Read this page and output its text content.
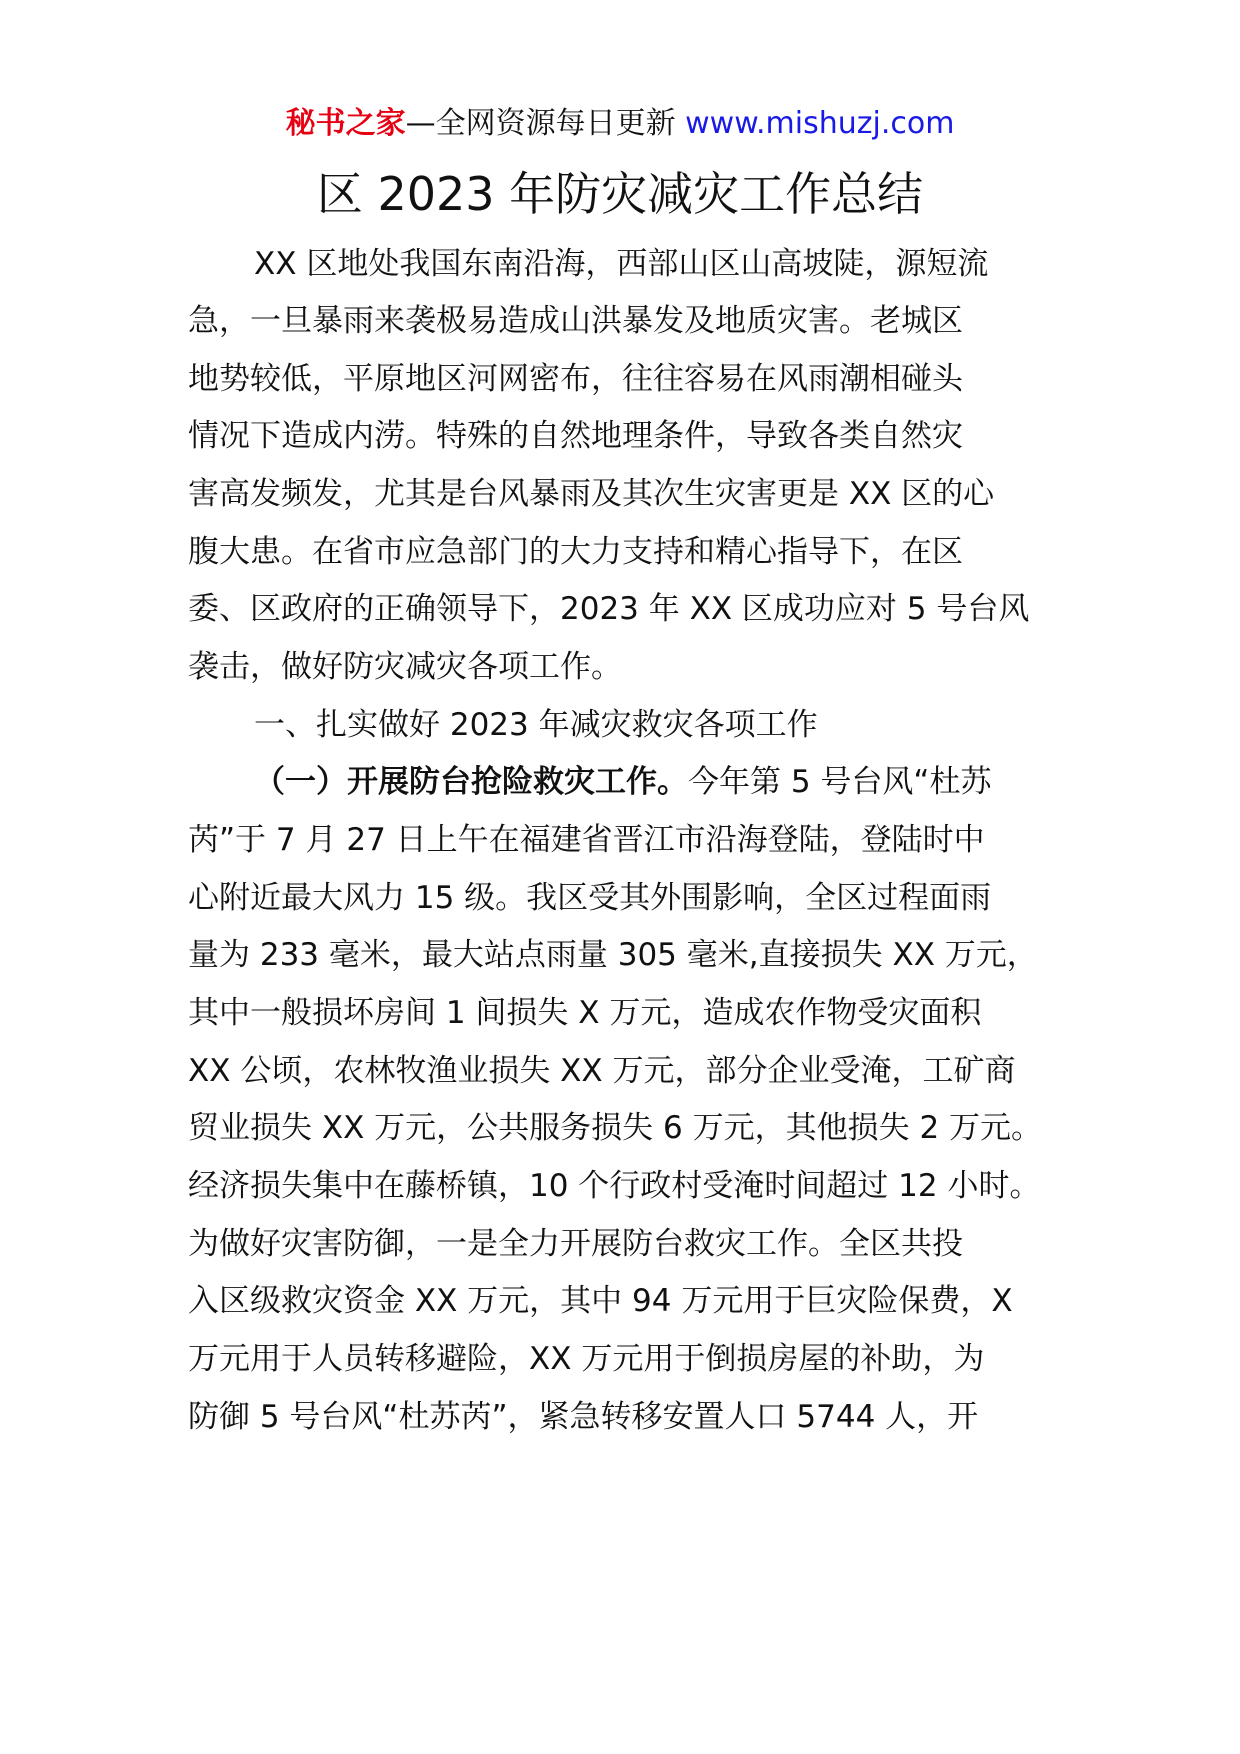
秘书之家—全网资源每日更新 www.mishuzj.com
区 2023 年防灾减灾工作总结
XX 区地处我国东南沿海，西部山区山高坡陡，源短流
急，一旦暴雨来袭极易造成山洪暴发及地质灾害。老城区
地势较低，平原地区河网密布，往往容易在风雨潮相碰头
情况下造成内涝。特殊的自然地理条件，导致各类自然灾
害高发频发，尤其是台风暴雨及其次生灾害更是 XX 区的心
腹大患。在省市应急部门的大力支持和精心指导下，在区
委、区政府的正确领导下，2023 年 XX 区成功应对 5 号台风
袭击，做好防灾减灾各项工作。
一、扎实做好 2023 年减灾救灾各项工作
（一）开展防台抢险救灾工作。今年第 5 号台风“杜苏
芮”于 7 月 27 日上午在福建省晋江市沿海登陆，登陆时中
心附近最大风力 15 级。我区受其外围影响，全区过程面雨
量为 233 毫米，最大站点雨量 305 毫米,直接损失 XX 万元，
其中一般损坏房间 1 间损失 X 万元，造成农作物受灾面积
XX 公顷，农林牧渔业损失 XX 万元，部分企业受淹，工矿商
贸业损失 XX 万元，公共服务损失 6 万元，其他损失 2 万元。
经济损失集中在藤桥镇，10 个行政村受淹时间超过 12 小时。
为做好灾害防御，一是全力开展防台救灾工作。全区共投
入区级救灾资金 XX 万元，其中 94 万元用于巨灾险保费，X
万元用于人员转移避险，XX 万元用于倒损房屋的补助，为
防御 5 号台风“杜苏芮”，紧急转移安置人口 5744 人，开
